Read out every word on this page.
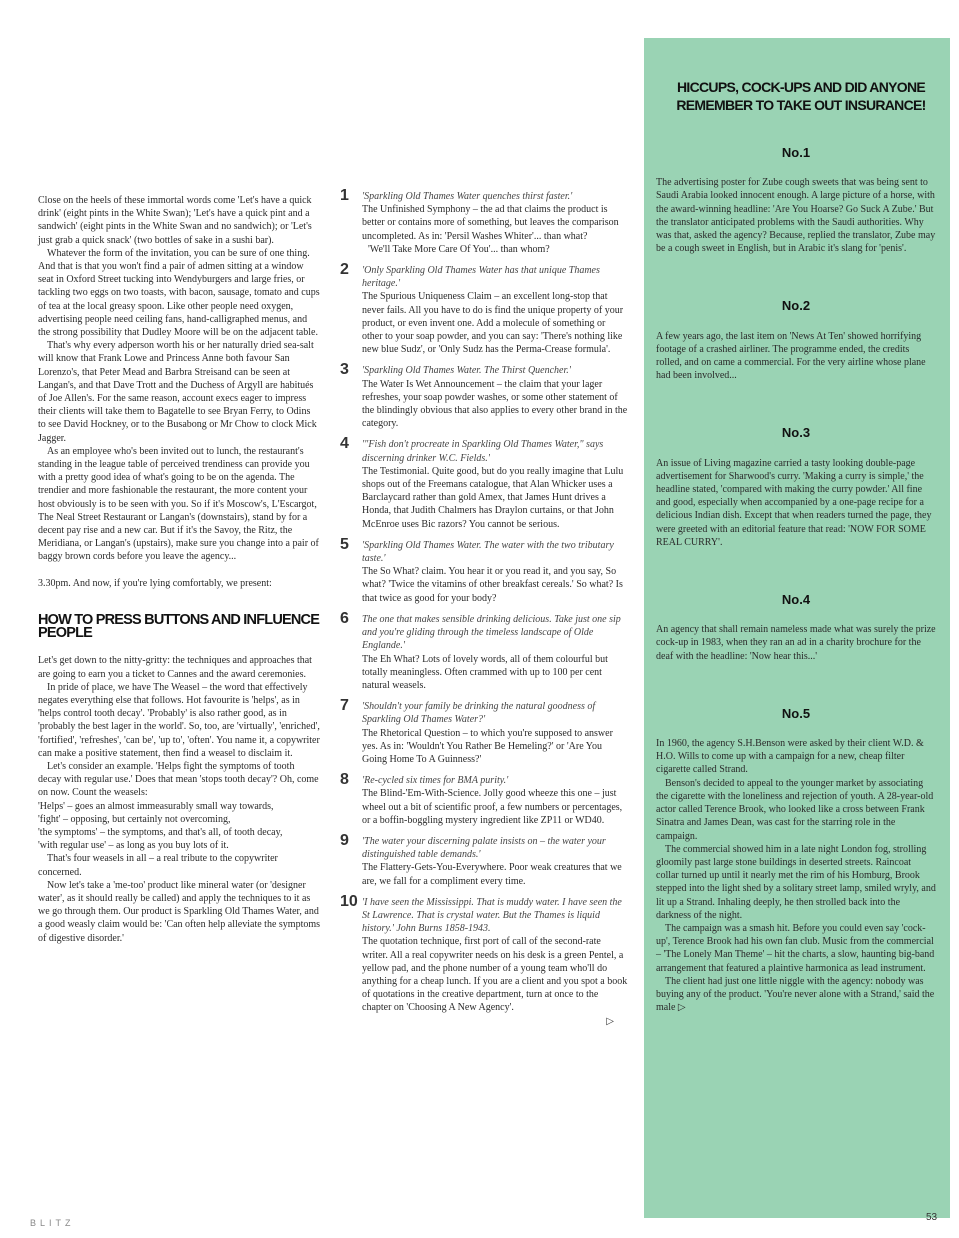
Close on the heels of these immortal words come 'Let's have a quick drink' (eight pints in the White Swan); 'Let's have a quick pint and a sandwich' (eight pints in the White Swan and no sandwich); or 'Let's just grab a quick snack' (two bottles of sake in a sushi bar).

Whatever the form of the invitation, you can be sure of one thing. And that is that you won't find a pair of admen sitting at a window seat in Oxford Street tucking into Wendyburgers and large fries, or tackling two eggs on two toasts, with bacon, sausage, tomato and cups of tea at the local greasy spoon. Like other people need oxygen, advertising people need ceiling fans, hand-calligraphed menus, and the strong possibility that Dudley Moore will be on the adjacent table.

That's why every adperson worth his or her naturally dried sea-salt will know that Frank Lowe and Princess Anne both favour San Lorenzo's, that Peter Mead and Barbra Streisand can be seen at Langan's, and that Dave Trott and the Duchess of Argyll are habitués of Joe Allen's. For the same reason, account execs eager to impress their clients will take them to Bagatelle to see Bryan Ferry, to Odins to see David Hockney, or to the Busabong or Mr Chow to clock Mick Jagger.

As an employee who's been invited out to lunch, the restaurant's standing in the league table of perceived trendiness can provide you with a pretty good idea of what's going to be on the agenda. The trendier and more fashionable the restaurant, the more content your host obviously is to be seen with you. So if it's Moscow's, L'Escargot, The Neal Street Restaurant or Langan's (downstairs), stand by for a decent pay rise and a new car. But if it's the Savoy, the Ritz, the Meridiana, or Langan's (upstairs), make sure you change into a pair of baggy brown cords before you leave the agency...

3.30pm. And now, if you're lying comfortably, we present:

HOW TO PRESS BUTTONS AND INFLUENCE PEOPLE

Let's get down to the nitty-gritty: the techniques and approaches that are going to earn you a ticket to Cannes and the award ceremonies.

In pride of place, we have The Weasel – the word that effectively negates everything else that follows. Hot favourite is 'helps', as in 'helps control tooth decay'. 'Probably' is also rather good, as in 'probably the best lager in the world'. So, too, are 'virtually', 'enriched', 'fortified', 'refreshes', 'can be', 'up to', 'often'. You name it, a copywriter can make a positive statement, then find a weasel to disclaim it.

Let's consider an example. 'Helps fight the symptoms of tooth decay with regular use.' Does that mean 'stops tooth decay'? Oh, come on now. Count the weasels:

'Helps' – goes an almost immeasurably small way towards,

'fight' – opposing, but certainly not overcoming,

'the symptoms' – the symptoms, and that's all, of tooth decay,

'with regular use' – as long as you buy lots of it.

That's four weasels in all – a real tribute to the copywriter concerned.

Now let's take a 'me-too' product like mineral water (or 'designer water', as it should really be called) and apply the techniques to it as we go through them. Our product is Sparkling Old Thames Water, and a good weasly claim would be: 'Can often help alleviate the symptoms of digestive disorder.'

1 'Sparkling Old Thames Water quenches thirst faster.'
The Unfinished Symphony – the ad that claims the product is better or contains more of something, but leaves the comparison uncompleted. As in: 'Persil Washes Whiter'... than what?
'We'll Take More Care Of You'... than whom?
2 'Only Sparkling Old Thames Water has that unique Thames heritage.'
The Spurious Uniqueness Claim – an excellent long-stop that never fails. All you have to do is find the unique property of your product, or even invent one. Add a molecule of something or other to your soap powder, and you can say: 'There's nothing like new blue Sudz', or 'Only Sudz has the Perma-Crease formula'.
3 'Sparkling Old Thames Water. The Thirst Quencher.'
The Water Is Wet Announcement – the claim that your lager refreshes, your soap powder washes, or some other statement of the blindingly obvious that also applies to every other brand in the category.
4 '"Fish don't procreate in Sparkling Old Thames Water," says discerning drinker W.C. Fields.'
The Testimonial. Quite good, but do you really imagine that Lulu shops out of the Freemans catalogue, that Alan Whicker uses a Barclaycard rather than gold Amex, that James Hunt drives a Honda, that Judith Chalmers has Draylon curtains, or that John McEnroe uses Bic razors? You cannot be serious.
5 'Sparkling Old Thames Water. The water with the two tributary taste.'
The So What? claim. You hear it or you read it, and you say, So what? 'Twice the vitamins of other breakfast cereals.' So what? Is that twice as good for your body?
6 The one that makes sensible drinking delicious. Take just one sip and you're gliding through the timeless landscape of Olde Englande.'
The Eh What? Lots of lovely words, all of them colourful but totally meaningless. Often crammed with up to 100 per cent natural weasels.
7 'Shouldn't your family be drinking the natural goodness of Sparkling Old Thames Water?'
The Rhetorical Question – to which you're supposed to answer yes. As in: 'Wouldn't You Rather Be Hemeling?' or 'Are You Going Home To A Guinness?'
8 'Re-cycled six times for BMA purity.'
The Blind-'Em-With-Science. Jolly good wheeze this one – just wheel out a bit of scientific proof, a few numbers or percentages, or a boffin-boggling mystery ingredient like ZP11 or WD40.
9 'The water your discerning palate insists on – the water your distinguished table demands.'
The Flattery-Gets-You-Everywhere. Poor weak creatures that we are, we fall for a compliment every time.
10 'I have seen the Mississippi. That is muddy water. I have seen the St Lawrence. That is crystal water. But the Thames is liquid history.' John Burns 1858-1943.
The quotation technique, first port of call of the second-rate writer. All a real copywriter needs on his desk is a green Pentel, a yellow pad, and the phone number of a young team who'll do anything for a cheap lunch. If you are a client and you spot a book of quotations in the creative department, turn at once to the chapter on 'Choosing A New Agency'.
▷
HICCUPS, COCK-UPS AND DID ANYONE
REMEMBER TO TAKE OUT INSURANCE!
No.1

The advertising poster for Zube cough sweets that was being sent to Saudi Arabia looked innocent enough. A large picture of a horse, with the award-winning headline: 'Are You Hoarse? Go Suck A Zube.' But the translator anticipated problems with the Saudi authorities. Why was that, asked the agency? Because, replied the translator, Zube may be a cough sweet in English, but in Arabic it's slang for 'penis'.

No.2

A few years ago, the last item on 'News At Ten' showed horrifying footage of a crashed airliner. The programme ended, the credits rolled, and on came a commercial. For the very airline whose plane had been involved...

No.3

An issue of Living magazine carried a tasty looking double-page advertisement for Sharwood's curry. 'Making a curry is simple,' the headline stated, 'compared with making the curry powder.' All fine and good, especially when accompanied by a one-page recipe for a delicious Indian dish. Except that when readers turned the page, they were greeted with an editorial feature that read: 'NOW FOR SOME REAL CURRY'.

No.4

An agency that shall remain nameless made what was surely the prize cock-up in 1983, when they ran an ad in a charity brochure for the deaf with the headline: 'Now hear this...'

No.5

In 1960, the agency S.H.Benson were asked by their client W.D. & H.O. Wills to come up with a campaign for a new, cheap filter cigarette called Strand.

Benson's decided to appeal to the younger market by associating the cigarette with the loneliness and rejection of youth. A 28-year-old actor called Terence Brook, who looked like a cross between Frank Sinatra and James Dean, was cast for the starring role in the campaign.

The commercial showed him in a late night London fog, strolling gloomily past large stone buildings in deserted streets. Raincoat collar turned up until it nearly met the rim of his Homburg, Brook stepped into the light shed by a solitary street lamp, smiled wryly, and lit up a Strand. Inhaling deeply, he then strolled back into the darkness of the night.

The campaign was a smash hit. Before you could even say 'cock-up', Terence Brook had his own fan club. Music from the commercial – 'The Lonely Man Theme' – hit the charts, a slow, haunting big-band arrangement that featured a plaintive harmonica as lead instrument.

The client had just one little niggle with the agency: nobody was buying any of the product. 'You're never alone with a Strand,' said the male ▷

BLITZ	53
